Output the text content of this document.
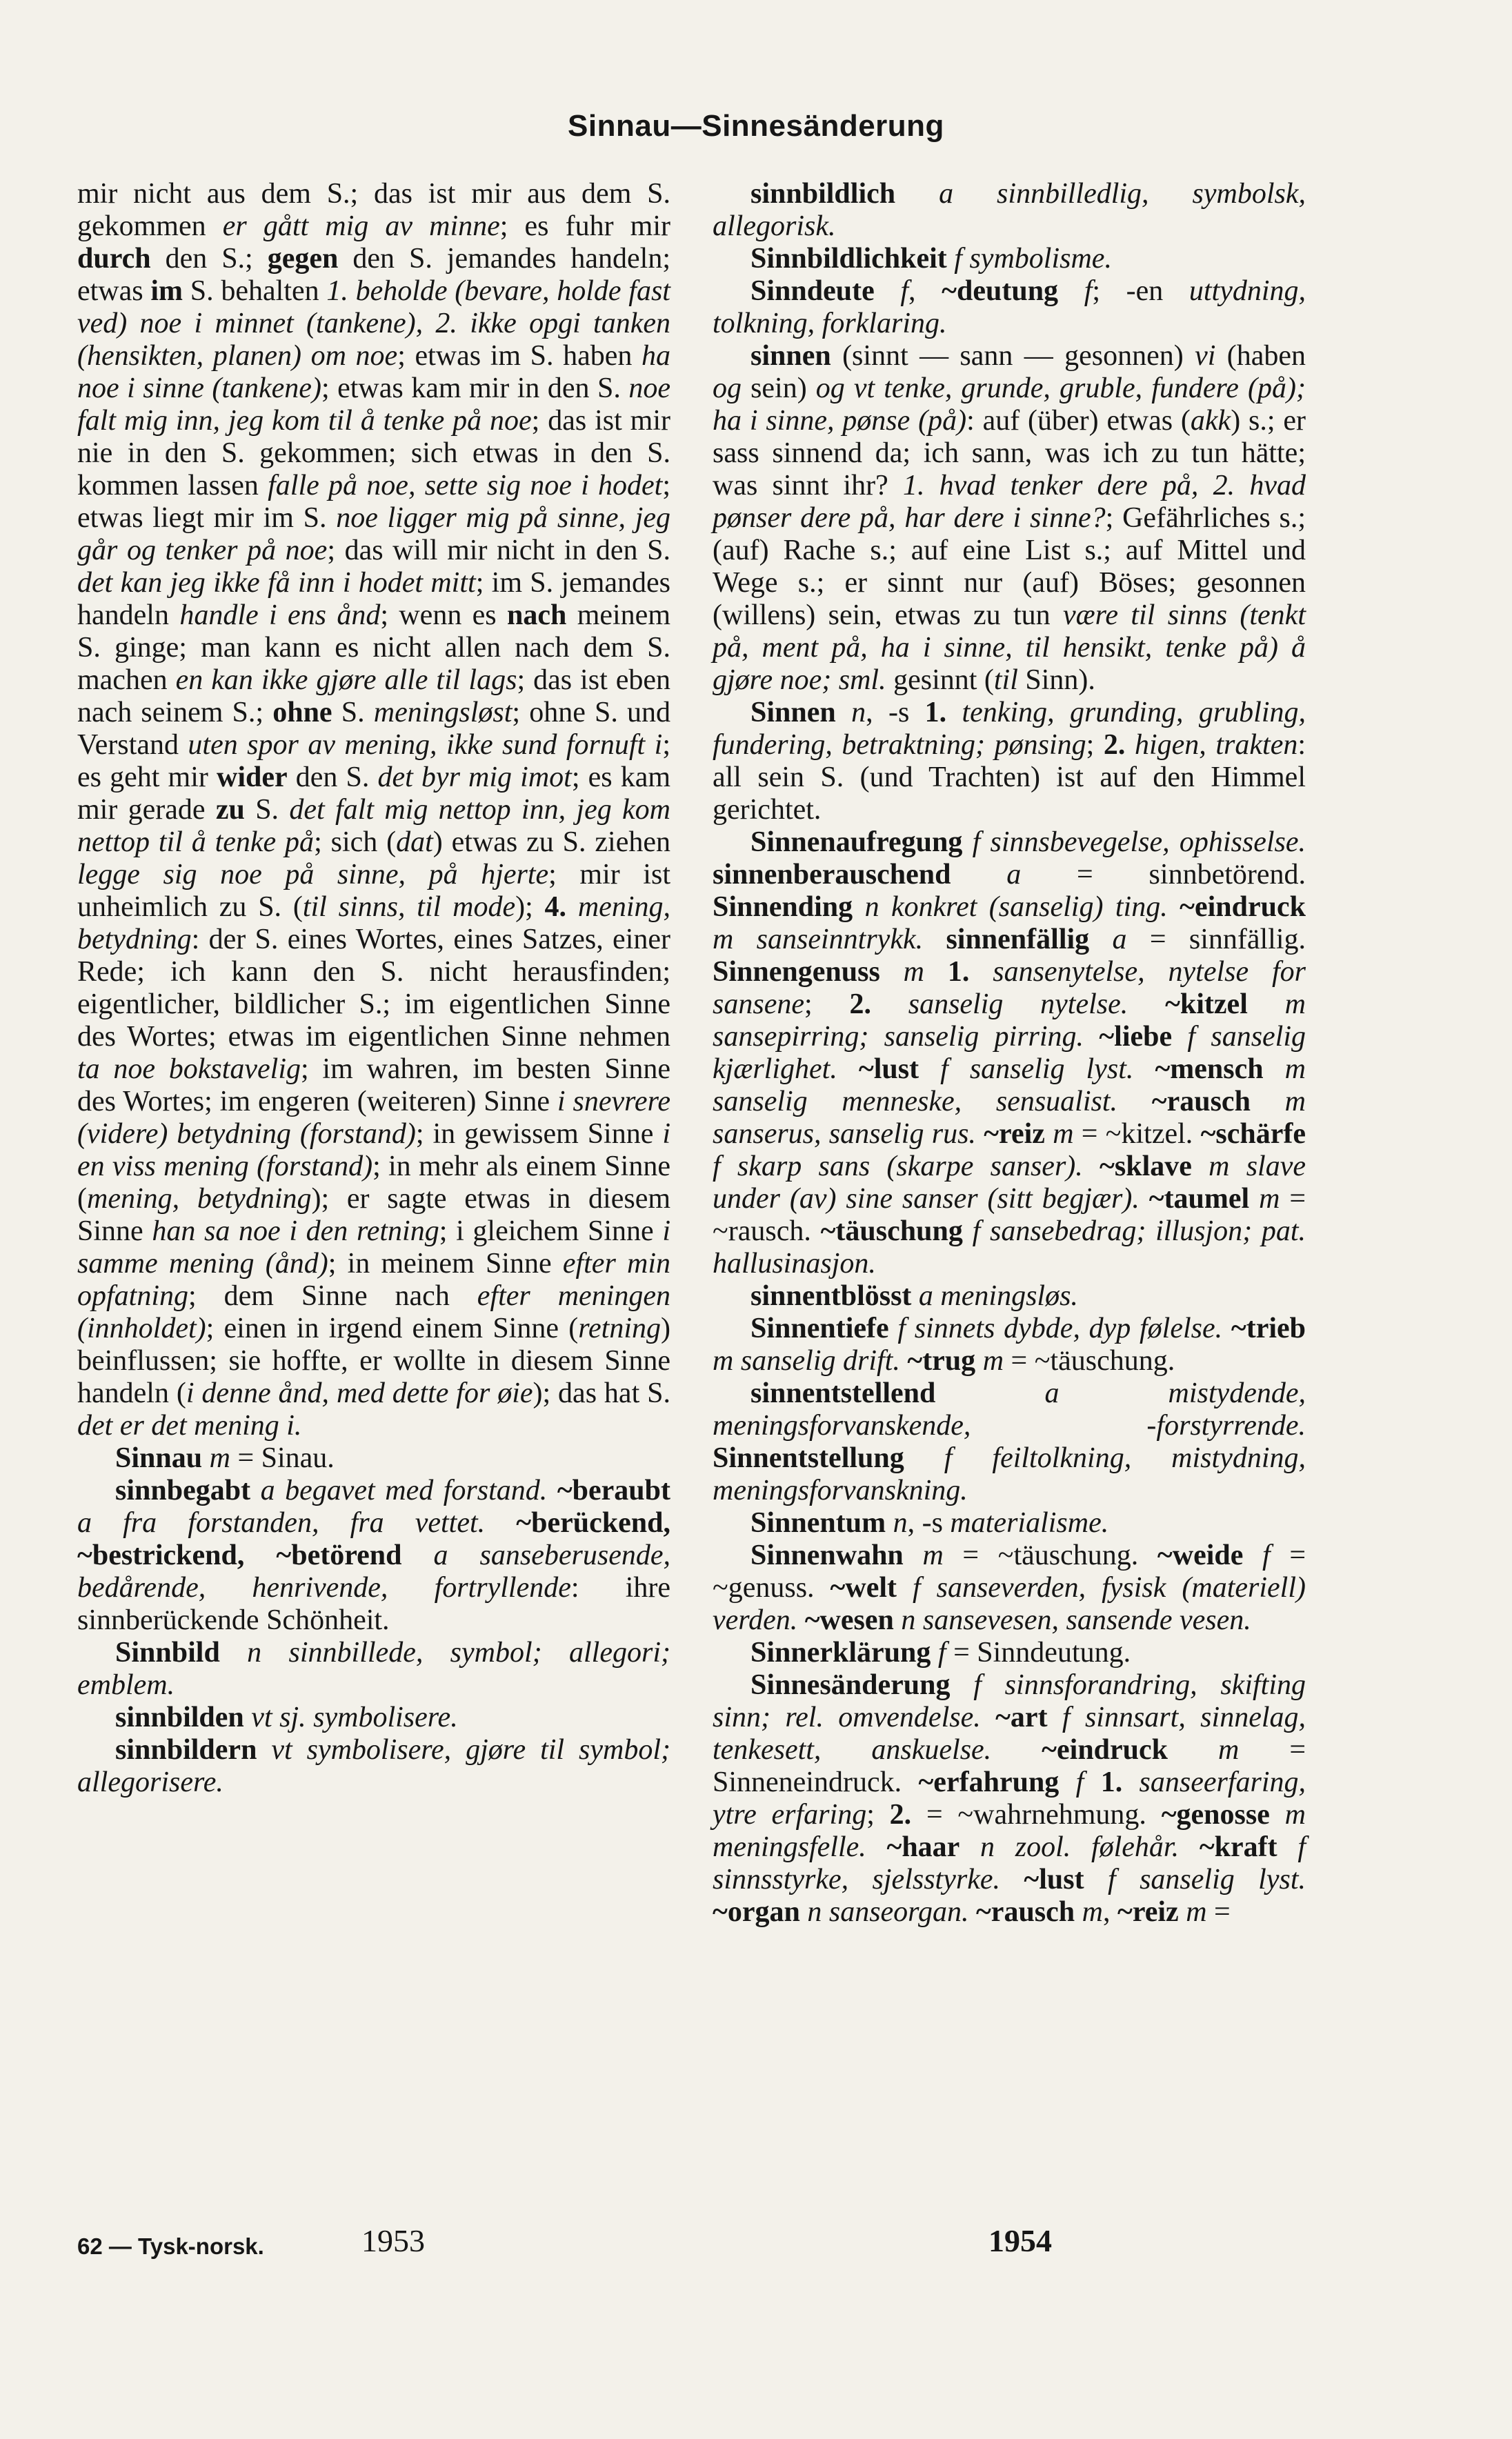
Sinnau—Sinnesänderung

mir nicht aus dem S.; das ist mir aus dem S. gekommen er gått mig av minne; es fuhr mir durch den S.; gegen den S. jemandes handeln; etwas im S. behalten 1. beholde (bevare, holde fast ved) noe i minnet (tankene), 2. ikke opgi tanken (hensikten, planen) om noe; etwas im S. haben ha noe i sinne (tankene); etwas kam mir in den S. noe falt mig inn, jeg kom til å tenke på noe; das ist mir nie in den S. gekommen; sich etwas in den S. kommen lassen falle på noe, sette sig noe i hodet; etwas liegt mir im S. noe ligger mig på sinne, jeg går og tenker på noe; das will mir nicht in den S. det kan jeg ikke få inn i hodet mitt; im S. jemandes handeln handle i ens ånd; wenn es nach meinem S. ginge; man kann es nicht allen nach dem S. machen en kan ikke gjøre alle til lags; das ist eben nach seinem S.; ohne S. meningsløst; ohne S. und Verstand uten spor av mening, ikke sund fornuft i; es geht mir wider den S. det byr mig imot; es kam mir gerade zu S. det falt mig nettop inn, jeg kom nettop til å tenke på; sich (dat) etwas zu S. ziehen legge sig noe på sinne, på hjerte; mir ist unheimlich zu S. (til sinns, til mode); 4. mening, betydning: der S. eines Wortes, eines Satzes, einer Rede; ich kann den S. nicht herausfinden; eigentlicher, bildlicher S.; im eigentlichen Sinne des Wortes; etwas im eigentlichen Sinne nehmen ta noe bokstavelig; im wahren, im besten Sinne des Wortes; im engeren (weiteren) Sinne i snevrere (videre) betydning (forstand); in gewissem Sinne i en viss mening (forstand); in mehr als einem Sinne (mening, betydning); er sagte etwas in diesem Sinne han sa noe i den retning; i gleichem Sinne i samme mening (ånd); in meinem Sinne efter min opfatning; dem Sinne nach efter meningen (innholdet); einen in irgend einem Sinne (retning) beinflussen; sie hoffte, er wollte in diesem Sinne handeln (i denne ånd, med dette for øie); das hat S. det er det mening i.

Sinnau m = Sinau.

sinnbegabt a begavet med forstand. ~beraubt a fra forstanden, fra vettet. ~berückend, ~bestrickend, ~betörend a sanseberusende, bedårende, henrivende, fortryllende: ihre sinnberückende Schönheit.

Sinnbild n sinnbillede, symbol; allegori; emblem.

sinnbilden vt sj. symbolisere.

sinnbildern vt symbolisere, gjøre til symbol; allegorisere.

sinnbildlich a sinnbilledlig, symbolsk, allegorisk.

Sinnbildlichkeit f symbolisme.

Sinndeute f, ~deutung f; -en uttydning, tolkning, forklaring.

sinnen (sinnt — sann — gesonnen) vi (haben og sein) og vt tenke, grunde, gruble, fundere (på); ha i sinne, pønse (på): auf (über) etwas (akk) s.; er sass sinnend da; ich sann, was ich zu tun hätte; was sinnt ihr? 1. hvad tenker dere på, 2. hvad pønser dere på, har dere i sinne?; Gefährliches s.; (auf) Rache s.; auf eine List s.; auf Mittel und Wege s.; er sinnt nur (auf) Böses; gesonnen (willens) sein, etwas zu tun være til sinns (tenkt på, ment på, ha i sinne, til hensikt, tenke på) å gjøre noe; sml. gesinnt (til Sinn).

Sinnen n, -s 1. tenking, grunding, grubling, fundering, betraktning; pønsing; 2. higen, trakten: all sein S. (und Trachten) ist auf den Himmel gerichtet.

Sinnenaufregung f sinnsbevegelse, ophisselse. sinnenberauschend a = sinnbetörend. Sinnending n konkret (sanselig) ting. ~eindruck m sanseinntrykk. sinnenfällig a = sinnfällig. Sinnengenuss m 1. sansenytelse, nytelse for sansene; 2. sanselig nytelse. ~kitzel m sansepirring; sanselig pirring. ~liebe f sanselig kjærlighet. ~lust f sanselig lyst. ~mensch m sanselig menneske, sensualist. ~rausch m sanserus, sanselig rus. ~reiz m = ~kitzel. ~schärfe f skarp sans (skarpe sanser). ~sklave m slave under (av) sine sanser (sitt begjær). ~taumel m = ~rausch. ~täuschung f sansebedrag; illusjon; pat. hallusinasjon.

sinnentblösst a meningsløs.

Sinnentiefe f sinnets dybde, dyp følelse. ~trieb m sanselig drift. ~trug m = ~täuschung.

sinnentstellend	a mistydende, meningsforvanskende, -forstyrrende. Sinnentstellung f feiltolkning, mistydning, meningsforvanskning.

Sinnentum n, -s materialisme.

Sinnenwahn m = ~täuschung. ~weide f = ~genuss. ~welt f sanseverden, fysisk (materiell) verden. ~wesen n sansevesen, sansende vesen.

Sinnerklärung f = Sinndeutung.

Sinnesänderung f sinnsforandring, skifting sinn; rel. omvendelse. ~art f sinnsart, sinnelag, tenkesett, anskuelse. ~eindruck m = Sinneneindruck. ~erfahrung f 1. sanseerfaring, ytre erfaring; 2. = ~wahrnehmung. ~genosse m meningsfelle. ~haar n zool. følehår. ~kraft f sinnsstyrke, sjelsstyrke. ~lust f sanselig lyst. ~organ n sanseorgan. ~rausch m, ~reiz m =

62 — Tysk-norsk.	1953	1954
